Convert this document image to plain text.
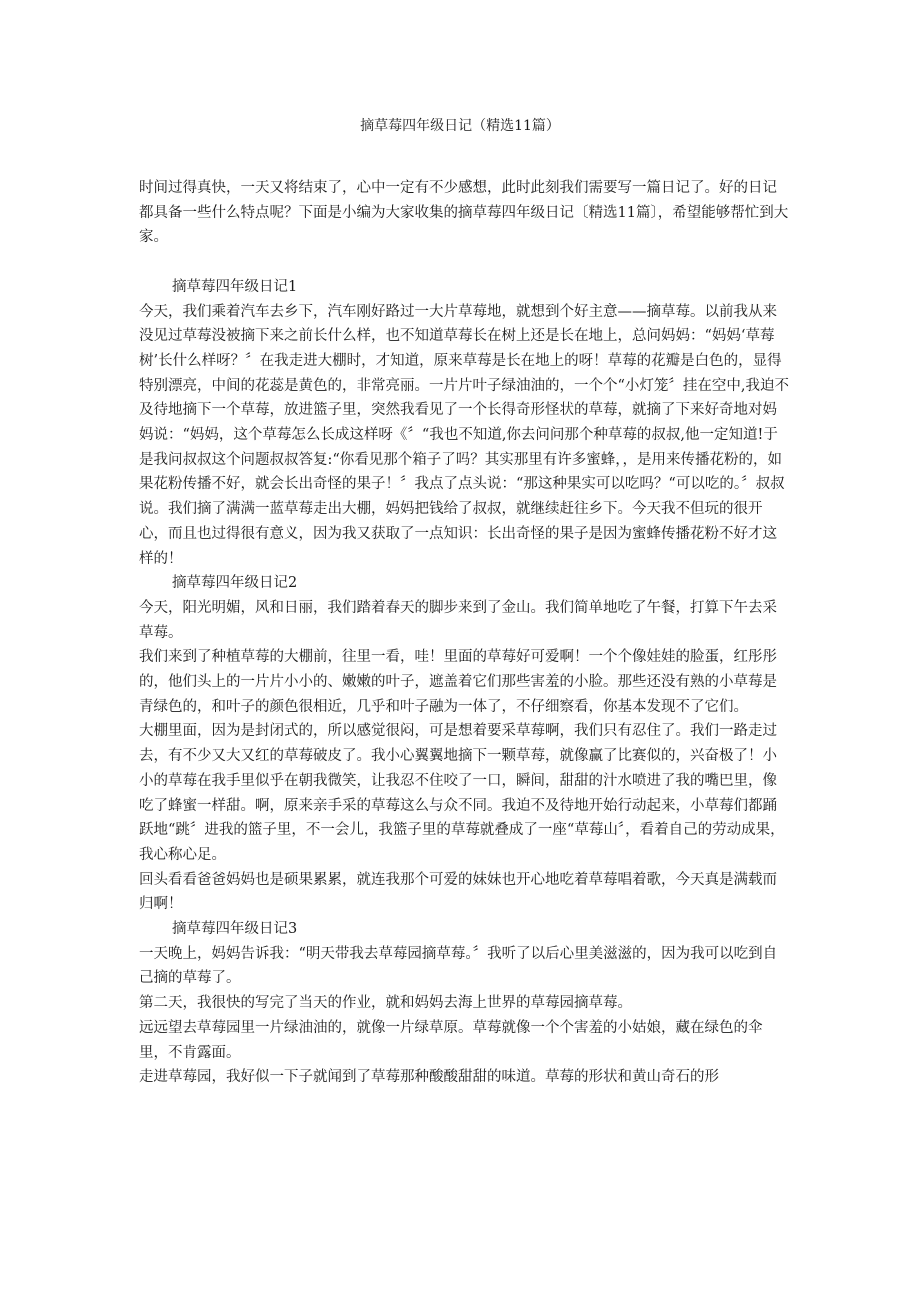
摘草莓四年级日记（精选11篇）

时间过得真快，一天又将结束了，心中一定有不少感想，此时此刻我们需要写一篇日记了。好的日记都具备一些什么特点呢？下面是小编为大家收集的摘草莓四年级日记〔精选11篇〕，希望能够帮忙到大家。

摘草莓四年级日记1

今天，我们乘着汽车去乡下，汽车刚好路过一大片草莓地，就想到个好主意——摘草莓。以前我从来没见过草莓没被摘下来之前长什么样，也不知道草莓长在树上还是长在地上，总问妈妈：“妈妈‘草莓树’长什么样呀？〞在我走进大棚时，才知道，原来草莓是长在地上的呀！草莓的花瓣是白色的，显得特别漂亮，中间的花蕊是黄色的，非常亮丽。一片片叶子绿油油的，一个个“小灯笼〞挂在空中,我迫不及待地摘下一个草莓，放进篮子里，突然我看见了一个长得奇形怪状的草莓，就摘了下来好奇地对妈妈说：“妈妈，这个草莓怎么长成这样呀《〞“我也不知道,你去问问那个种草莓的叔叔,他一定知道!于是我问叔叔这个问题叔叔答复:“你看见那个箱子了吗？其实那里有许多蜜蜂，，是用来传播花粉的，如果花粉传播不好，就会长出奇怪的果子！〞我点了点头说：“那这种果实可以吃吗？“可以吃的。〞叔叔说。我们摘了满满一蓝草莓走出大棚，妈妈把钱给了叔叔，就继续赶往乡下。今天我不但玩的很开心，而且也过得很有意义，因为我又获取了一点知识：长出奇怪的果子是因为蜜蜂传播花粉不好才这样的！

摘草莓四年级日记2

今天，阳光明媚，风和日丽，我们踏着春天的脚步来到了金山。我们简单地吃了午餐，打算下午去采草莓。

我们来到了种植草莓的大棚前，往里一看，哇！里面的草莓好可爱啊！一个个像娃娃的脸蛋，红彤彤的，他们头上的一片片小小的、嫩嫩的叶子，遮盖着它们那些害羞的小脸。那些还没有熟的小草莓是青绿色的，和叶子的颜色很相近，几乎和叶子融为一体了，不仔细察看，你基本发现不了它们。

大棚里面，因为是封闭式的，所以感觉很闷，可是想着要采草莓啊，我们只有忍住了。我们一路走过去，有不少又大又红的草莓破皮了。我小心翼翼地摘下一颗草莓，就像赢了比赛似的，兴奋极了！小小的草莓在我手里似乎在朝我微笑，让我忍不住咬了一口，瞬间，甜甜的汁水喷进了我的嘴巴里，像吃了蜂蜜一样甜。啊，原来亲手采的草莓这么与众不同。我迫不及待地开始行动起来，小草莓们都踊跃地“跳〞进我的篮子里，不一会儿，我篮子里的草莓就叠成了一座“草莓山〞，看着自己的劳动成果，我心称心足。

回头看看爸爸妈妈也是硕果累累，就连我那个可爱的妹妹也开心地吃着草莓唱着歌，今天真是满载而归啊！

摘草莓四年级日记3

一天晚上，妈妈告诉我：“明天带我去草莓园摘草莓。〞我听了以后心里美滋滋的，因为我可以吃到自己摘的草莓了。

第二天，我很快的写完了当天的作业，就和妈妈去海上世界的草莓园摘草莓。

远远望去草莓园里一片绿油油的，就像一片绿草原。草莓就像一个个害羞的小姑娘，藏在绿色的伞里，不肯露面。

走进草莓园，我好似一下子就闻到了草莓那种酸酸甜甜的味道。草莓的形状和黄山奇石的形
